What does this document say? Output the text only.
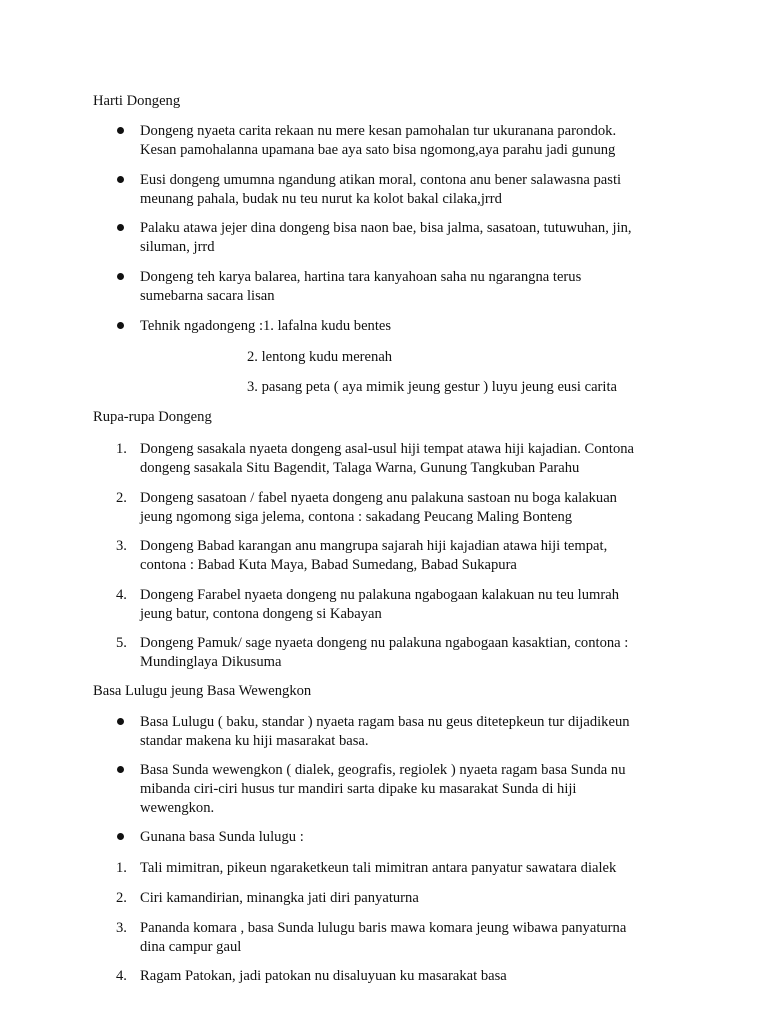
Harti Dongeng
Dongeng nyaeta carita rekaan nu mere kesan pamohalan tur ukuranana parondok.
Kesan pamohalanna upamana bae aya sato bisa ngomong,aya parahu jadi gunung
Eusi dongeng umumna ngandung atikan moral, contona anu bener salawasna pasti
meunang pahala, budak nu teu nurut ka kolot bakal cilaka,jrrd
Palaku atawa jejer dina dongeng bisa naon bae, bisa jalma, sasatoan, tutuwuhan, jin,
siluman, jrrd
Dongeng teh karya balarea, hartina tara kanyahoan saha nu ngarangna terus
sumebarna sacara lisan
Tehnik ngadongeng :1. lafalna kudu bentes
2. lentong kudu merenah
3. pasang peta ( aya mimik jeung gestur ) luyu jeung eusi carita
Rupa-rupa Dongeng
1. Dongeng sasakala nyaeta dongeng asal-usul hiji tempat atawa hiji kajadian. Contona
dongeng sasakala Situ Bagendit, Talaga Warna, Gunung Tangkuban Parahu
2. Dongeng sasatoan / fabel nyaeta dongeng anu palakuna sastoan nu boga kalakuan
jeung ngomong siga jelema, contona : sakadang Peucang Maling Bonteng
3. Dongeng Babad karangan anu mangrupa sajarah hiji kajadian atawa hiji tempat,
contona : Babad Kuta Maya, Babad Sumedang, Babad Sukapura
4. Dongeng Farabel nyaeta dongeng nu palakuna ngabogaan kalakuan nu teu lumrah
jeung batur, contona dongeng si Kabayan
5. Dongeng Pamuk/ sage nyaeta dongeng nu palakuna ngabogaan kasaktian, contona :
Mundinglaya Dikusuma
Basa Lulugu jeung Basa Wewengkon
Basa Lulugu ( baku, standar ) nyaeta ragam basa nu geus ditetepkeun tur dijadikeun
standar makena ku hiji masarakat basa.
Basa Sunda wewengkon ( dialek, geografis, regiolek ) nyaeta ragam basa Sunda nu
mibanda ciri-ciri husus tur mandiri sarta dipake ku masarakat Sunda di hiji
wewengkon.
Gunana basa Sunda lulugu :
1. Tali mimitran, pikeun ngaraketkeun tali mimitran antara panyatur sawatara dialek
2. Ciri kamandirian, minangka jati diri panyaturna
3. Pananda komara , basa Sunda lulugu baris mawa komara jeung wibawa panyaturna
dina campur gaul
4. Ragam Patokan, jadi patokan nu disaluyuan ku masarakat basa
